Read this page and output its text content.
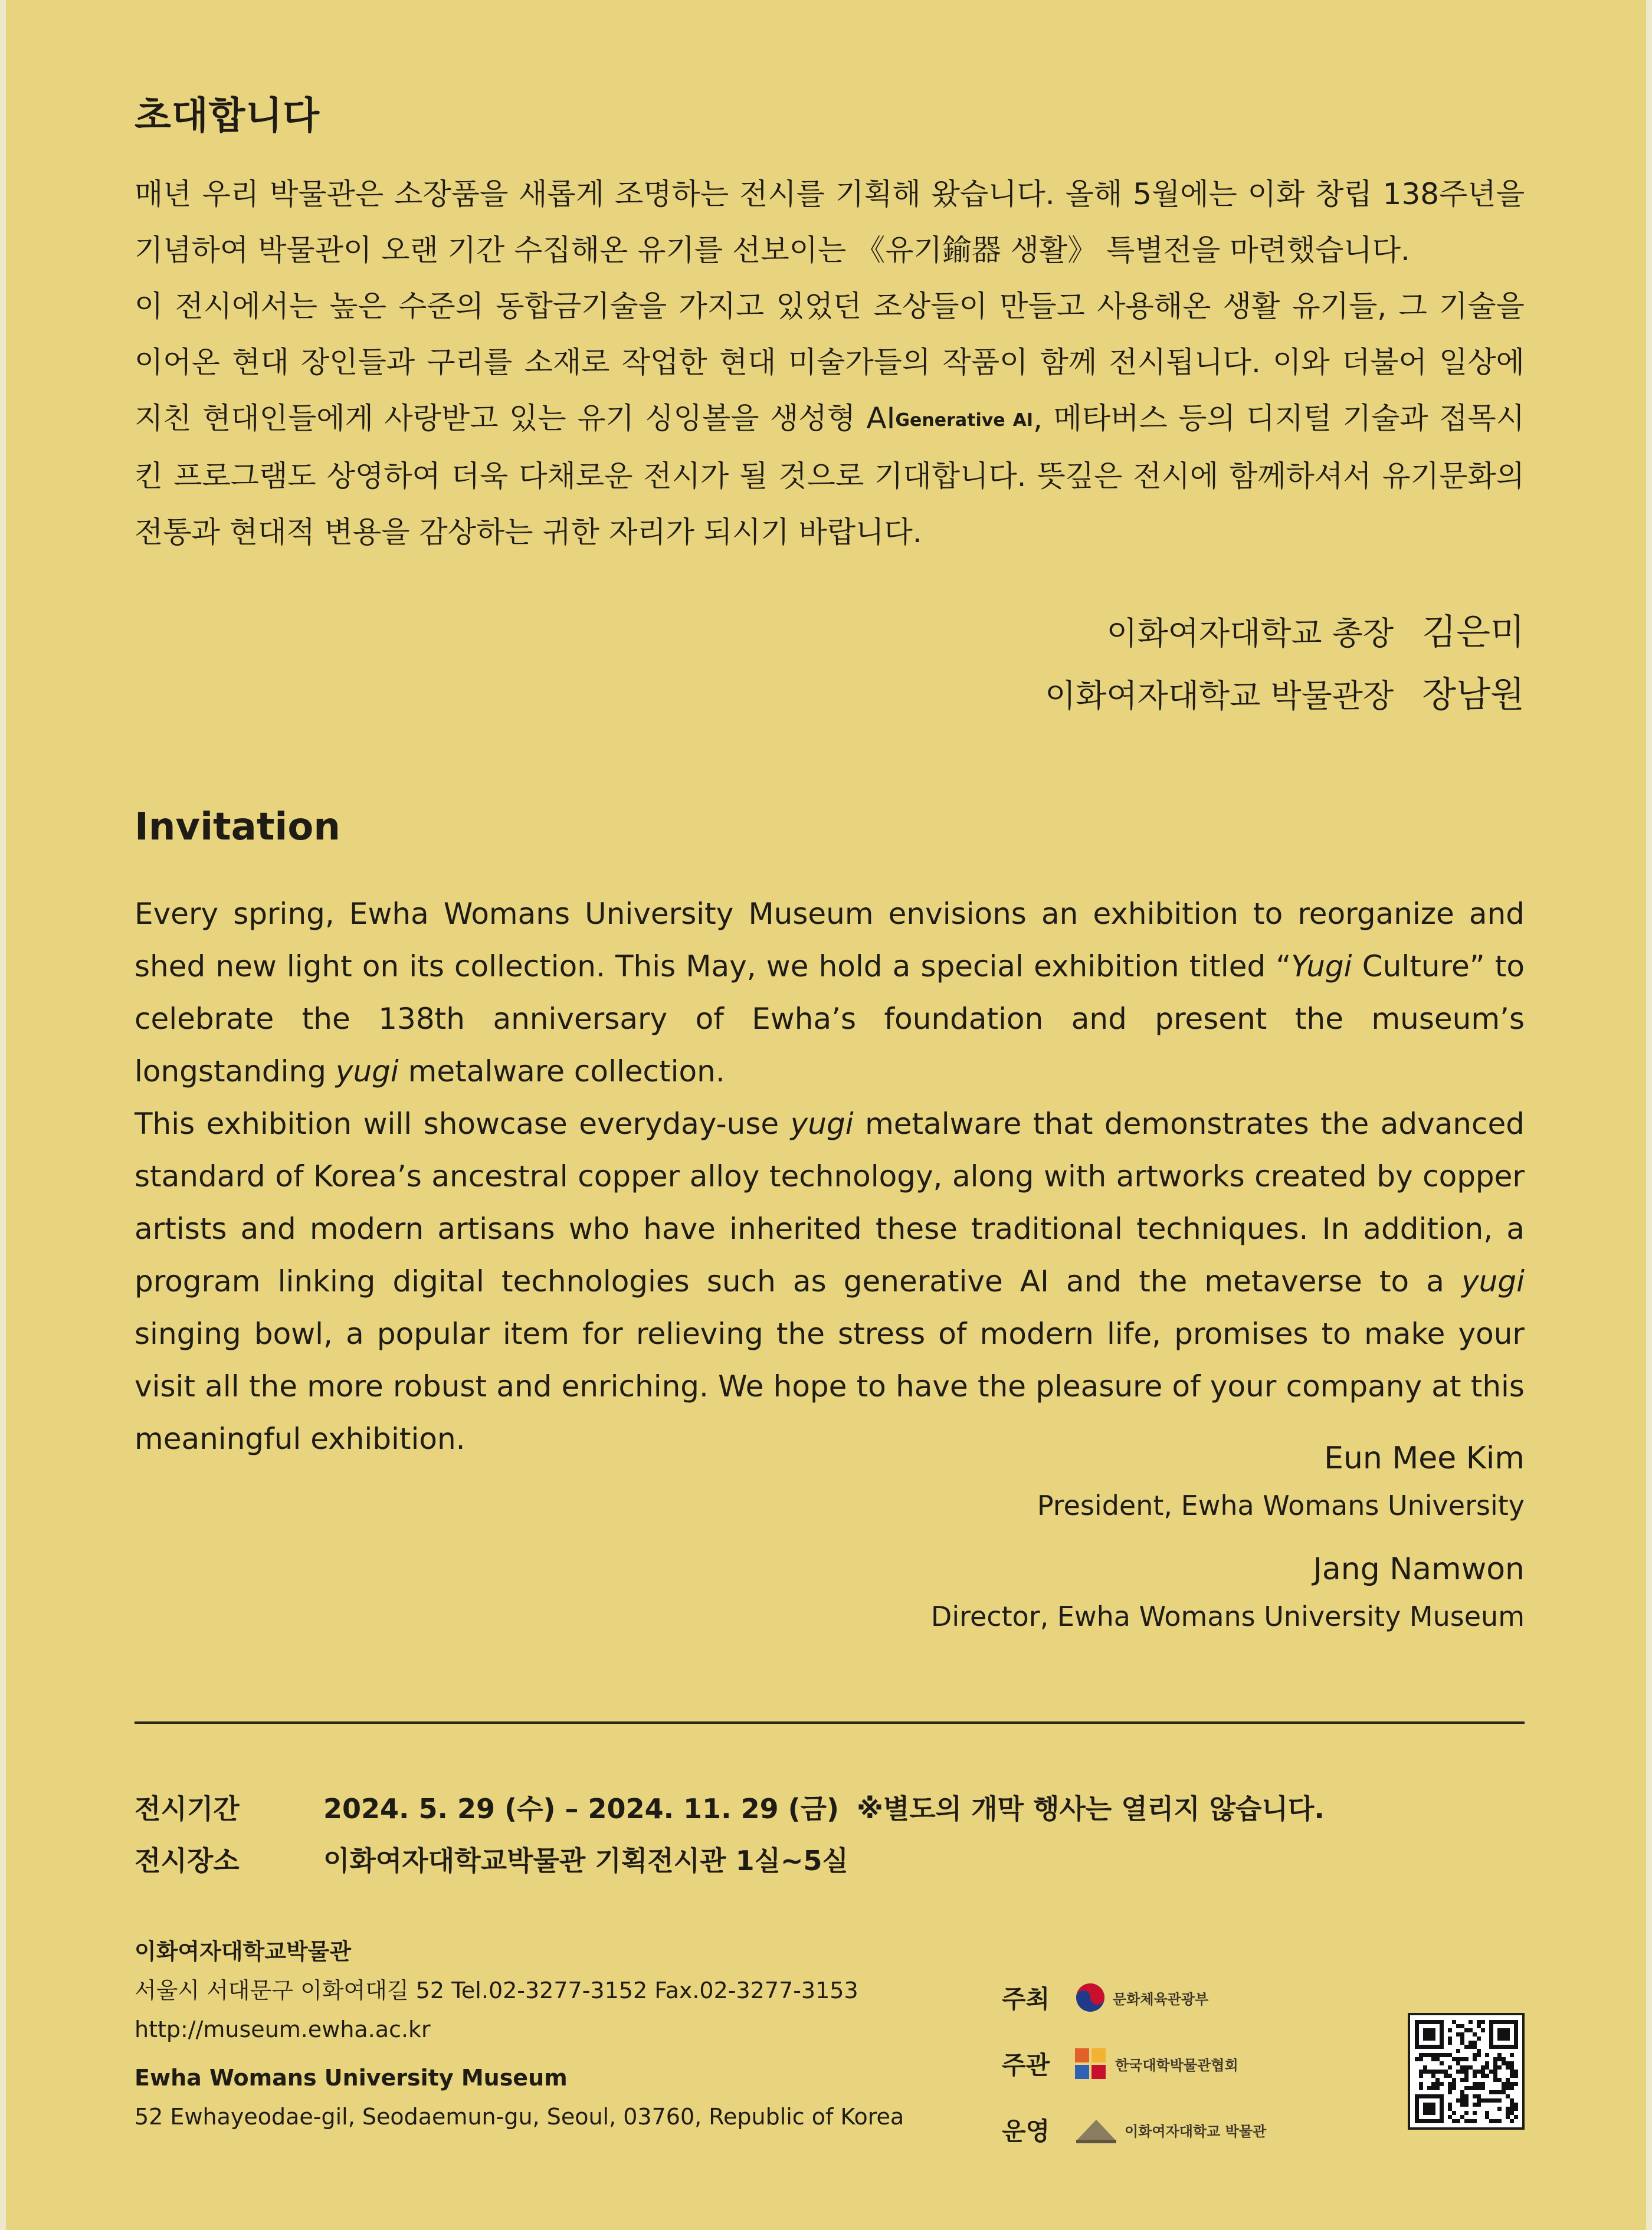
초대합니다

매년 우리 박물관은 소장품을 새롭게 조명하는 전시를 기획해 왔습니다. 올해 5월에는 이화 창립 138주년을 기념하여 박물관이 오랜 기간 수집해온 유기를 선보이는 《유기鍮器 생활》 특별전을 마련했습니다.

이 전시에서는 높은 수준의 동합금기술을 가지고 있었던 조상들이 만들고 사용해온 생활 유기들, 그 기술을 이어온 현대 장인들과 구리를 소재로 작업한 현대 미술가들의 작품이 함께 전시됩니다. 이와 더불어 일상에 지친 현대인들에게 사랑받고 있는 유기 싱잉볼을 생성형 AIGenerative AI, 메타버스 등의 디지털 기술과 접목시킨 프로그램도 상영하여 더욱 다채로운 전시가 될 것으로 기대합니다. 뜻깊은 전시에 함께하셔서 유기문화의 전통과 현대적 변용을 감상하는 귀한 자리가 되시기 바랍니다.

이화여자대학교 총장 김은미
이화여자대학교 박물관장 장남원
Invitation

Every spring, Ewha Womans University Museum envisions an exhibition to reorganize and shed new light on its collection. This May, we hold a special exhibition titled “Yugi Culture” to celebrate the 138th anniversary of Ewha’s foundation and present the museum’s longstanding yugi metalware collection.

This exhibition will showcase everyday-use yugi metalware that demonstrates the advanced standard of Korea’s ancestral copper alloy technology, along with artworks created by copper artists and modern artisans who have inherited these traditional techniques. In addition, a program linking digital technologies such as generative AI and the metaverse to a yugi singing bowl, a popular item for relieving the stress of modern life, promises to make your visit all the more robust and enriching. We hope to have the pleasure of your company at this meaningful exhibition.

Eun Mee Kim
President, Ewha Womans University
Jang Namwon
Director, Ewha Womans University Museum
전시기간	2024. 5. 29 (수) – 2024. 11. 29 (금) ※별도의 개막 행사는 열리지 않습니다.
전시장소	이화여자대학교박물관 기획전시관 1실~5실
이화여자대학교박물관
서울시 서대문구 이화여대길 52 Tel.02-3277-3152 Fax.02-3277-3153
http://museum.ewha.ac.kr
Ewha Womans University Museum
52 Ewhayeodae-gil, Seodaemun-gu, Seoul, 03760, Republic of Korea
주최	문화체육관광부
주관	한국대학박물관협회
운영	이화여자대학교 박물관
